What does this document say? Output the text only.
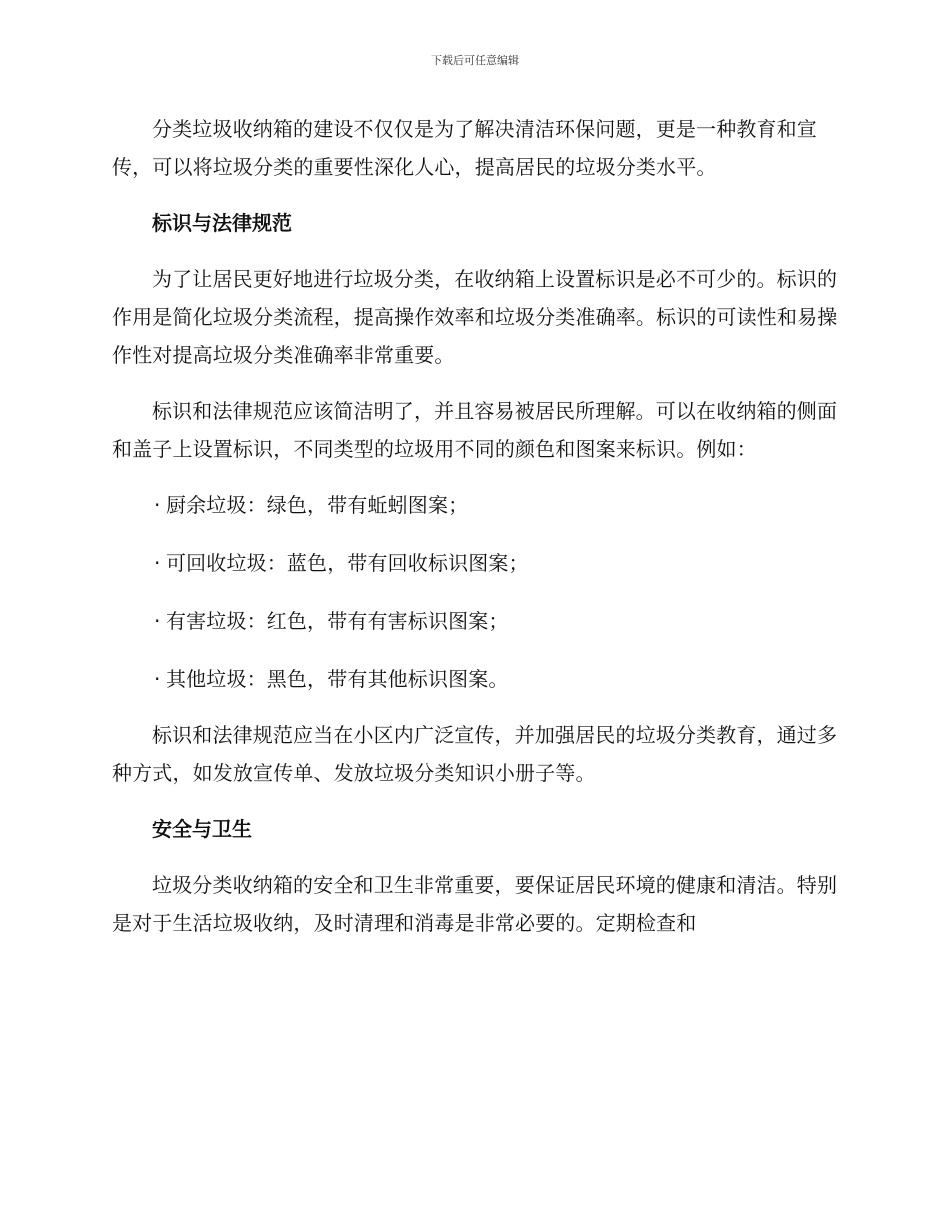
下载后可任意编辑

分类垃圾收纳箱的建设不仅仅是为了解决清洁环保问题，更是一种教育和宣传，可以将垃圾分类的重要性深化人心，提高居民的垃圾分类水平。

标识与法律规范

为了让居民更好地进行垃圾分类，在收纳箱上设置标识是必不可少的。标识的作用是简化垃圾分类流程，提高操作效率和垃圾分类准确率。标识的可读性和易操作性对提高垃圾分类准确率非常重要。

标识和法律规范应该简洁明了，并且容易被居民所理解。可以在收纳箱的侧面和盖子上设置标识，不同类型的垃圾用不同的颜色和图案来标识。例如：

· 厨余垃圾：绿色，带有蚯蚓图案；

· 可回收垃圾：蓝色，带有回收标识图案；

· 有害垃圾：红色，带有有害标识图案；

· 其他垃圾：黑色，带有其他标识图案。

标识和法律规范应当在小区内广泛宣传，并加强居民的垃圾分类教育，通过多种方式，如发放宣传单、发放垃圾分类知识小册子等。

安全与卫生

垃圾分类收纳箱的安全和卫生非常重要，要保证居民环境的健康和清洁。特别是对于生活垃圾收纳，及时清理和消毒是非常必要的。定期检查和
